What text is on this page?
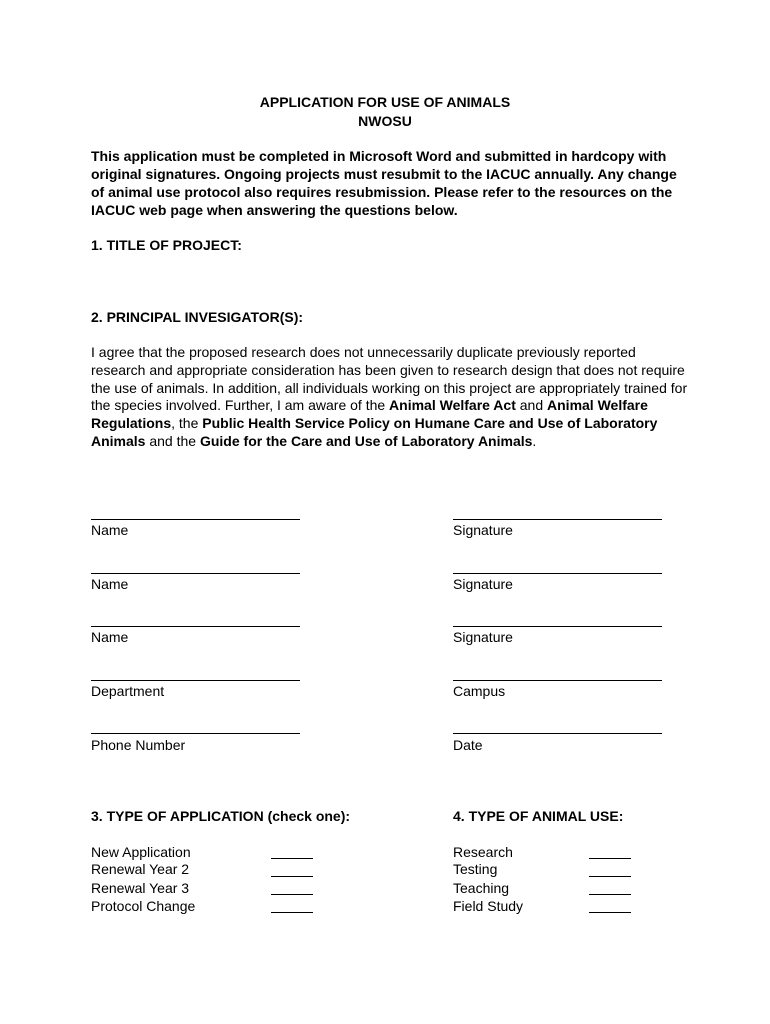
APPLICATION FOR USE OF ANIMALS
NWOSU
This application must be completed in Microsoft Word and submitted in hardcopy with original signatures. Ongoing projects must resubmit to the IACUC annually. Any change of animal use protocol also requires resubmission. Please refer to the resources on the IACUC web page when answering the questions below.
1. TITLE OF PROJECT:
2. PRINCIPAL INVESIGATOR(S):
I agree that the proposed research does not unnecessarily duplicate previously reported research and appropriate consideration has been given to research design that does not require the use of animals. In addition, all individuals working on this project are appropriately trained for the species involved. Further, I am aware of the Animal Welfare Act and Animal Welfare Regulations, the Public Health Service Policy on Humane Care and Use of Laboratory Animals and the Guide for the Care and Use of Laboratory Animals.
Name
Name
Name
Department
Phone Number
Signature
Signature
Signature
Campus
Date
3. TYPE OF APPLICATION (check one):
New Application
Renewal Year 2
Renewal Year 3
Protocol Change
4. TYPE OF ANIMAL USE:
Research
Testing
Teaching
Field Study
